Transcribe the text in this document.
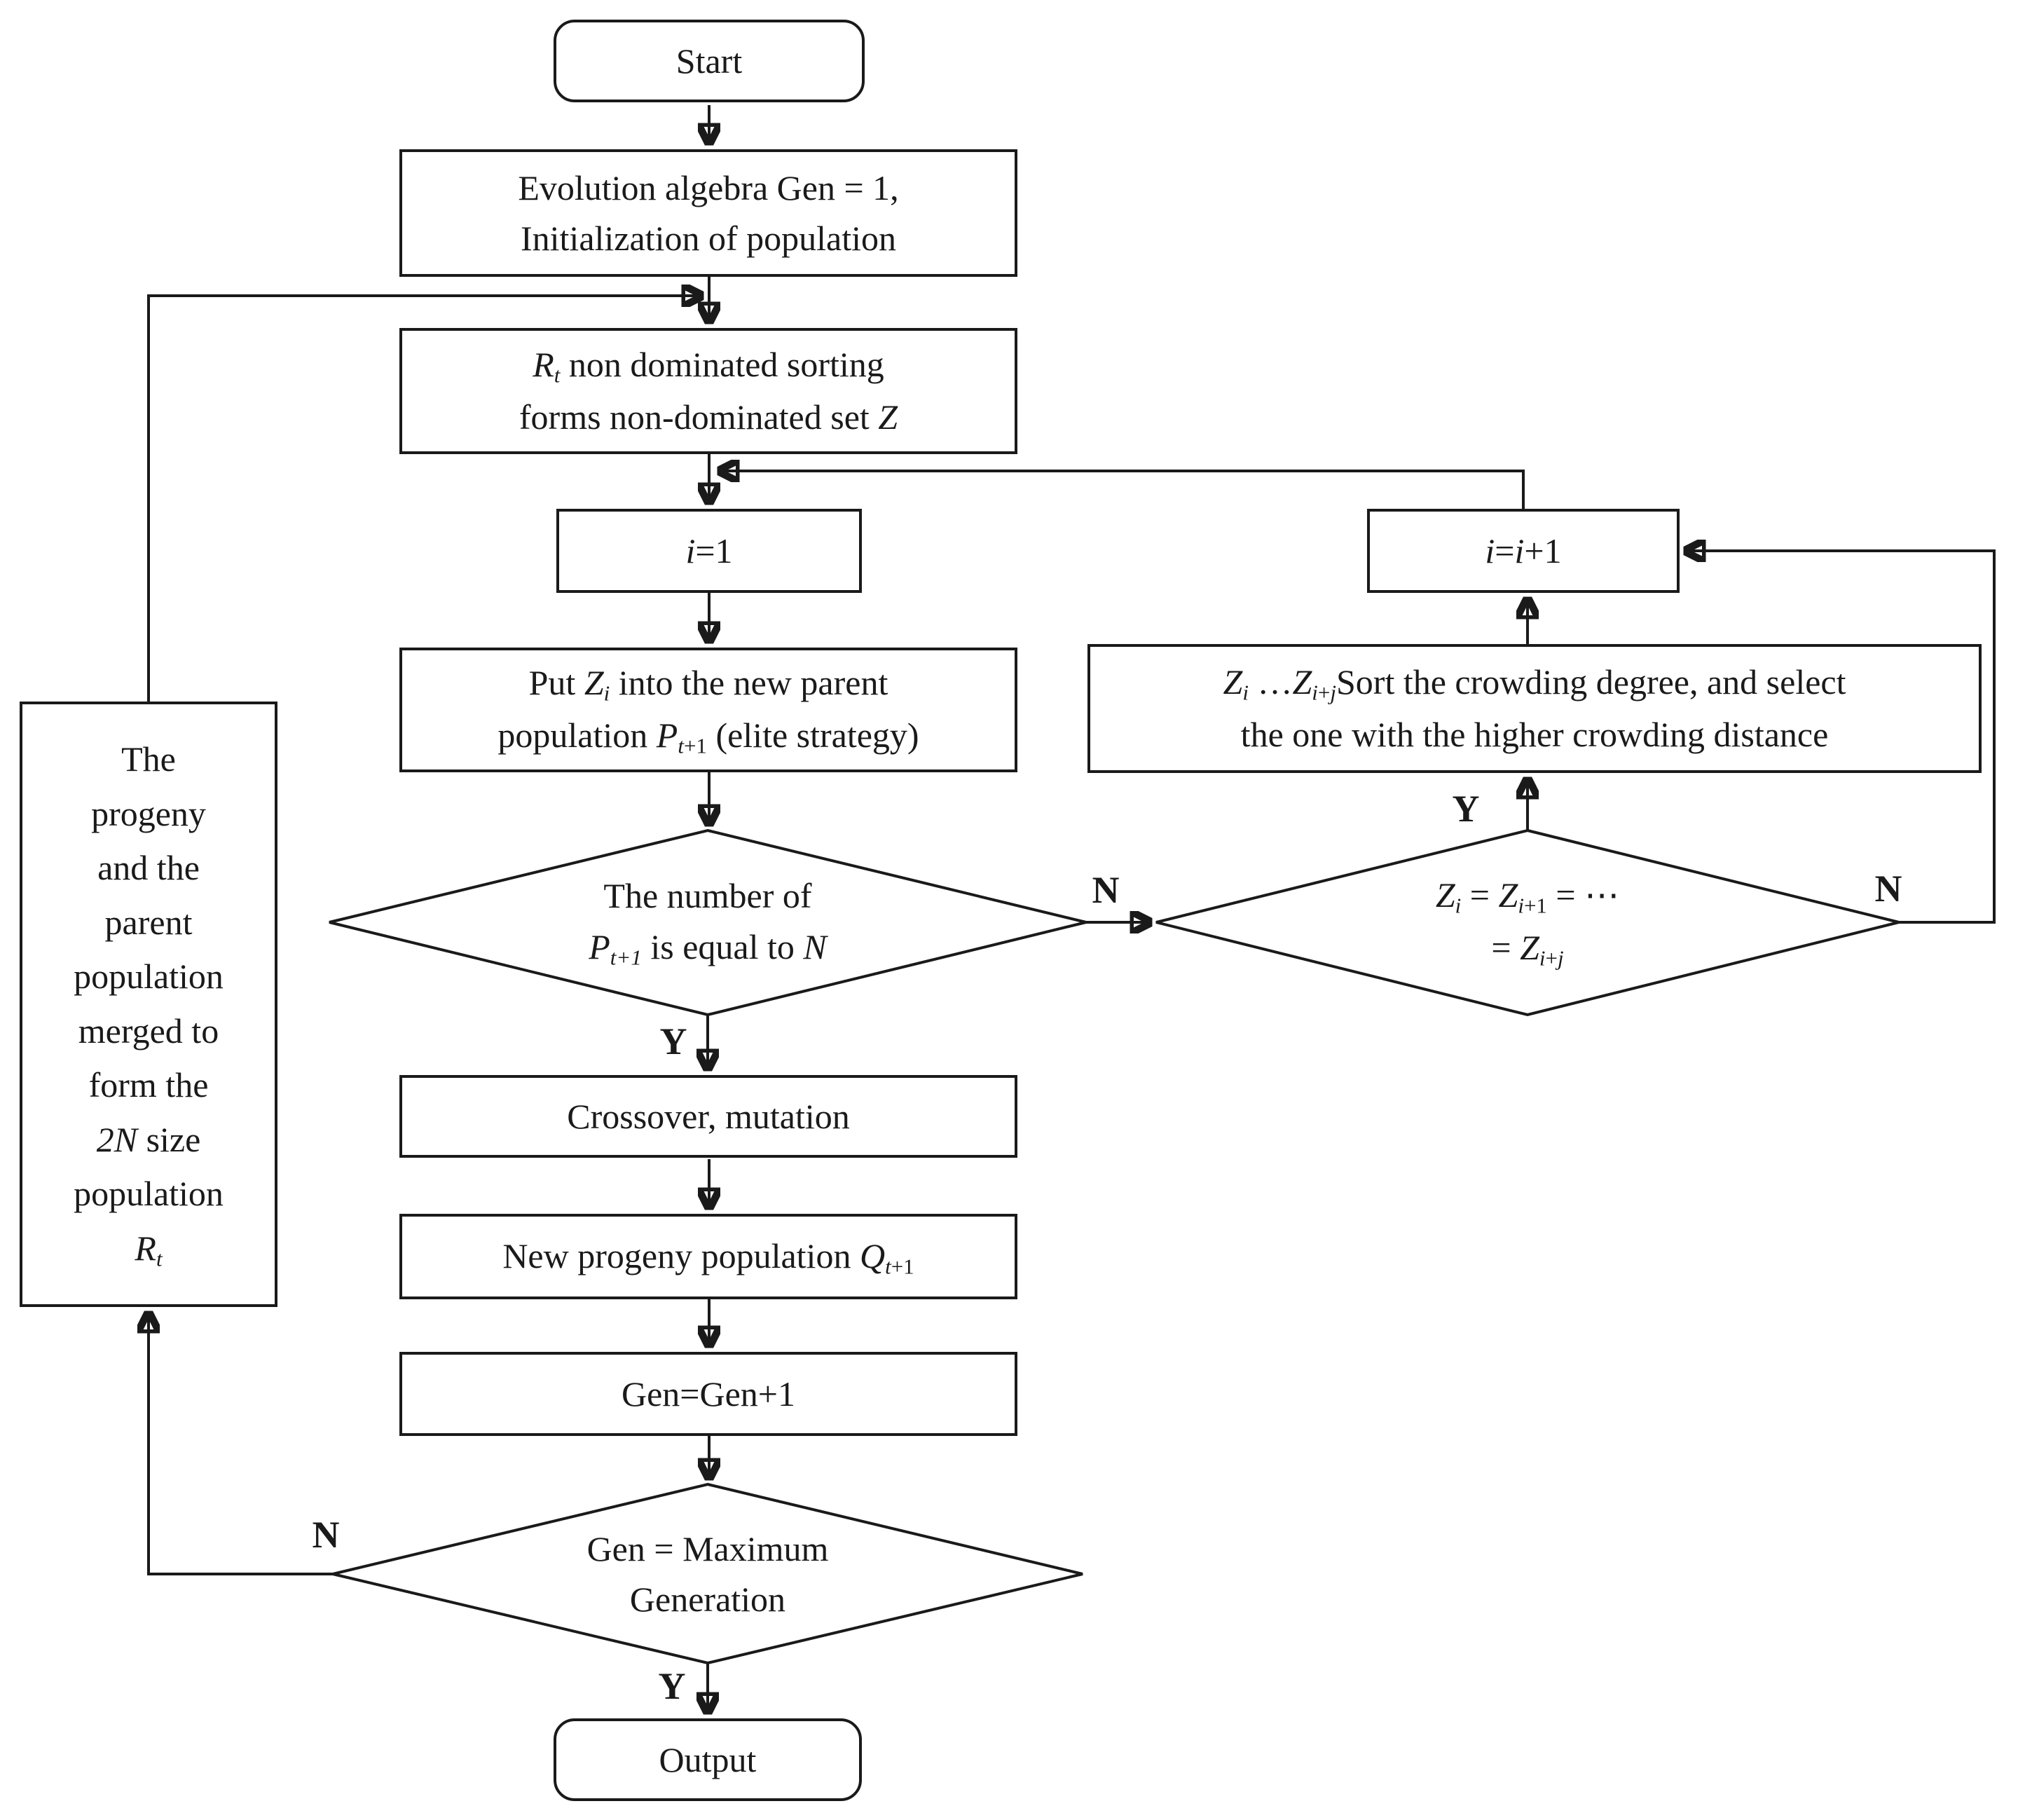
Start
Evolution algebra Gen = 1,
Initialization of population
Rt non dominated sorting
forms non-dominated set Z
i=1
Put Zi into the new parent
population Pt+1 (elite strategy)
Crossover, mutation
New progeny population Qt+1
Gen=Gen+1
Output
The
progeny
and the
parent
population
merged to
form the
2N size
population
Rt
i=i+1
Zi …Zi+jSort the crowding degree, and select
the one with the higher crowding distance
The number of
Pt+1 is equal to N
Zi = Zi+1 = ⋯
= Zi+j
Gen = Maximum
Generation
Y
N
Y
N
Y
N
